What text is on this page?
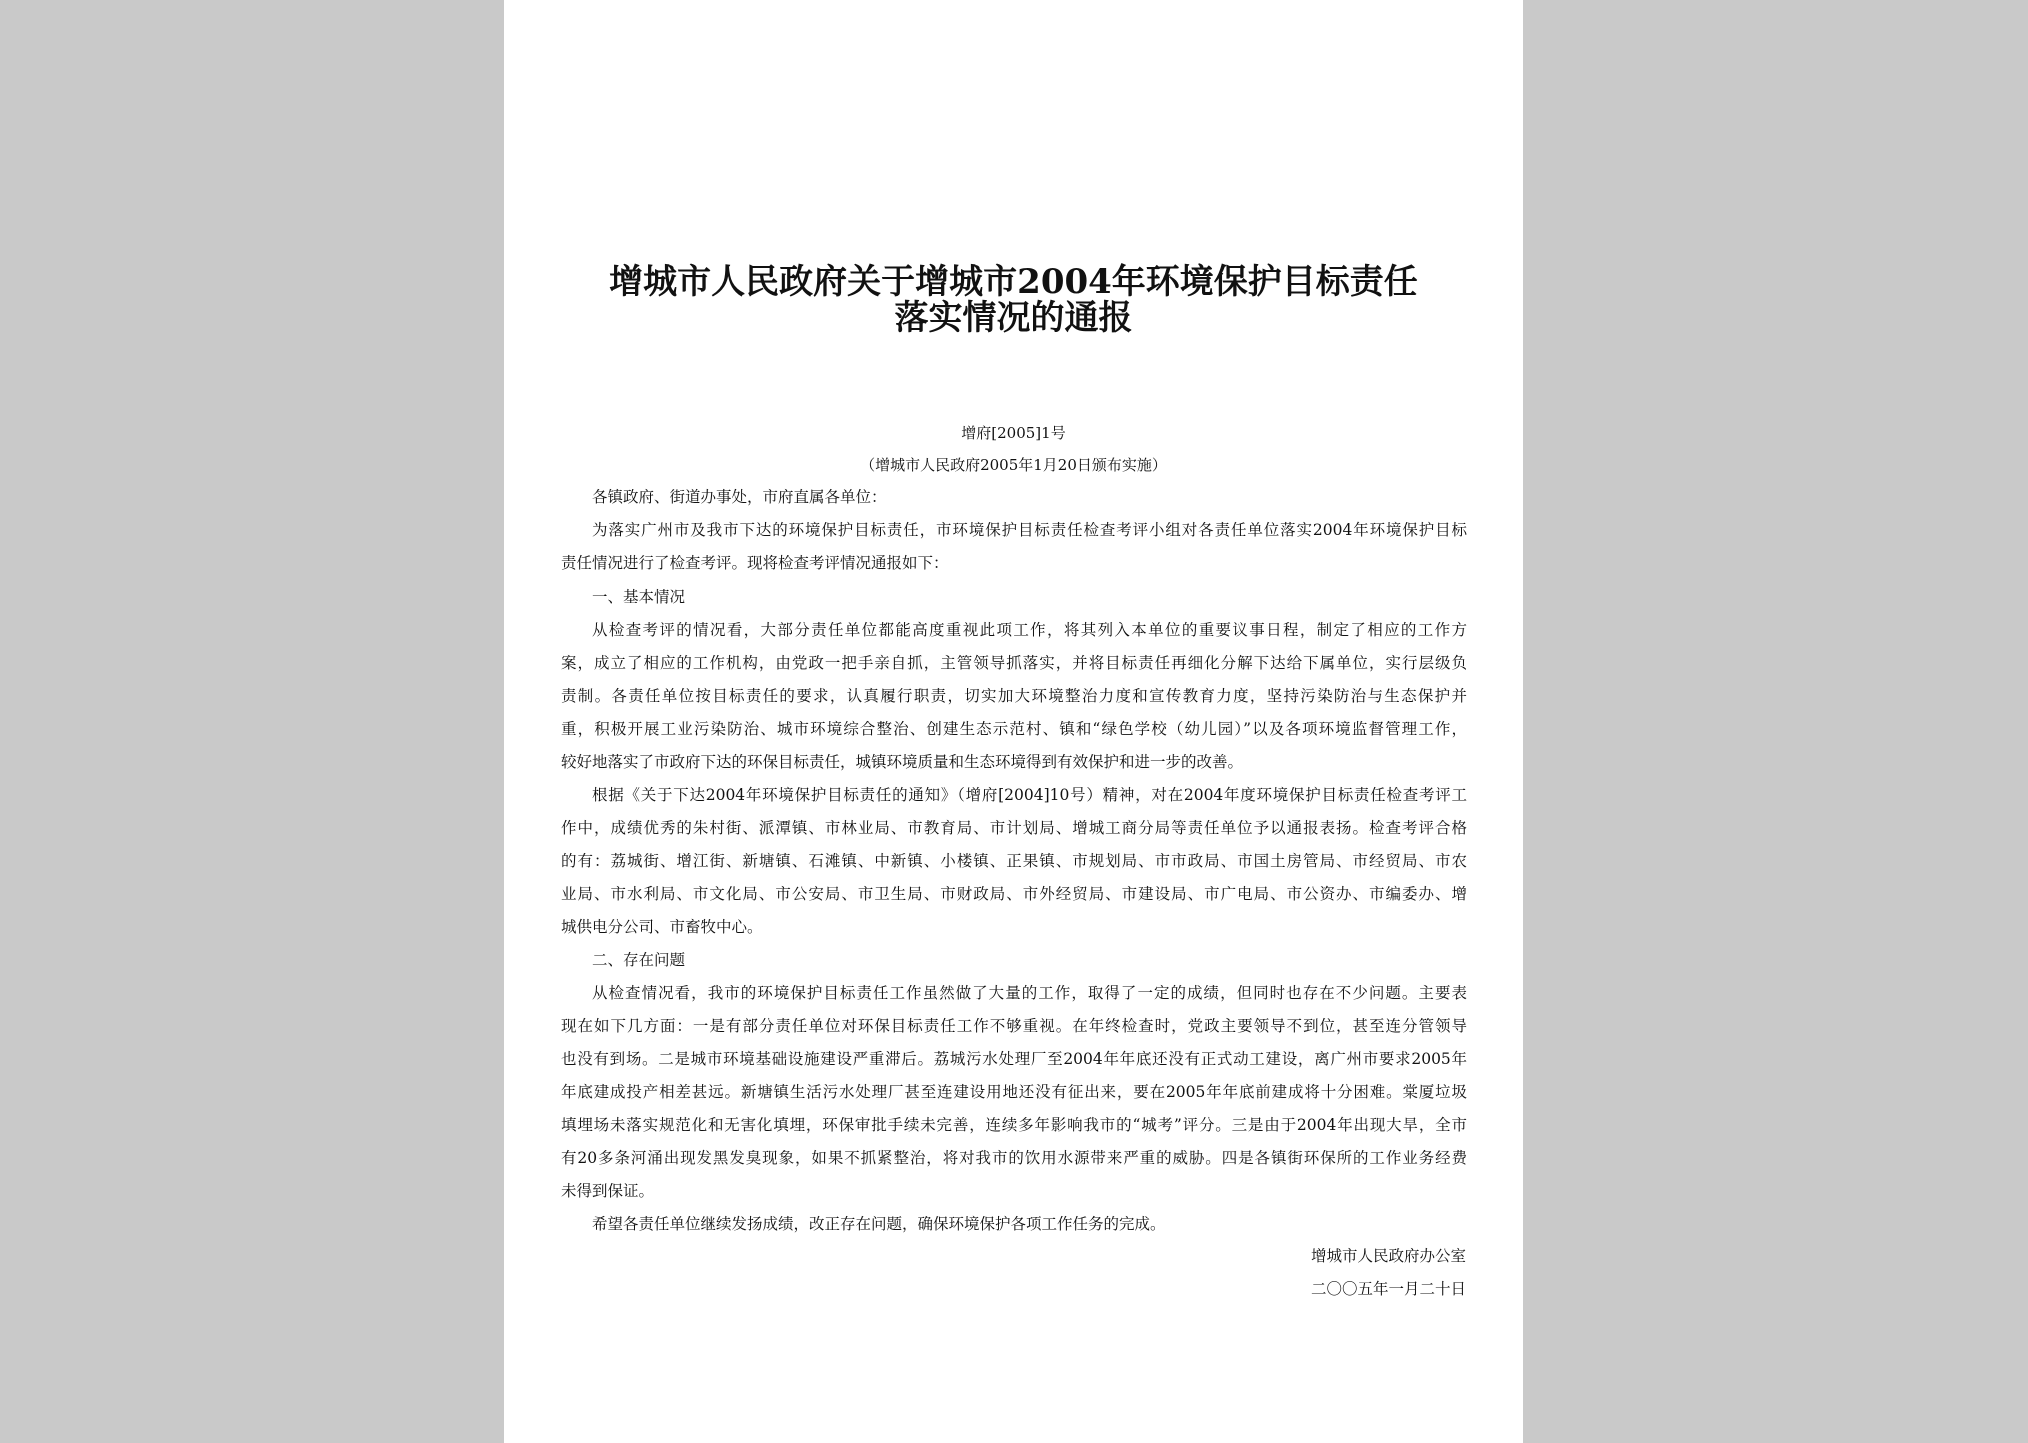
增城市人民政府关于增城市2004年环境保护目标责任
落实情况的通报
增府[2005]1号
（增城市人民政府2005年1月20日颁布实施）
各镇政府、街道办事处，市府直属各单位：
为落实广州市及我市下达的环境保护目标责任，市环境保护目标责任检查考评小组对各责任单位落实2004年环境保护目标
责任情况进行了检查考评。现将检查考评情况通报如下：
一、基本情况
从检查考评的情况看，大部分责任单位都能高度重视此项工作，将其列入本单位的重要议事日程，制定了相应的工作方
案，成立了相应的工作机构，由党政一把手亲自抓，主管领导抓落实，并将目标责任再细化分解下达给下属单位，实行层级负
责制。各责任单位按目标责任的要求，认真履行职责，切实加大环境整治力度和宣传教育力度，坚持污染防治与生态保护并
重，积极开展工业污染防治、城市环境综合整治、创建生态示范村、镇和“绿色学校（幼儿园）”以及各项环境监督管理工作，
较好地落实了市政府下达的环保目标责任，城镇环境质量和生态环境得到有效保护和进一步的改善。
根据《关于下达2004年环境保护目标责任的通知》（增府[2004]10号）精神，对在2004年度环境保护目标责任检查考评工
作中，成绩优秀的朱村街、派潭镇、市林业局、市教育局、市计划局、增城工商分局等责任单位予以通报表扬。检查考评合格
的有：荔城街、增江街、新塘镇、石滩镇、中新镇、小楼镇、正果镇、市规划局、市市政局、市国土房管局、市经贸局、市农
业局、市水利局、市文化局、市公安局、市卫生局、市财政局、市外经贸局、市建设局、市广电局、市公资办、市编委办、增
城供电分公司、市畜牧中心。
二、存在问题
从检查情况看，我市的环境保护目标责任工作虽然做了大量的工作，取得了一定的成绩，但同时也存在不少问题。主要表
现在如下几方面：一是有部分责任单位对环保目标责任工作不够重视。在年终检查时，党政主要领导不到位，甚至连分管领导
也没有到场。二是城市环境基础设施建设严重滞后。荔城污水处理厂至2004年年底还没有正式动工建设，离广州市要求2005年
年底建成投产相差甚远。新塘镇生活污水处理厂甚至连建设用地还没有征出来，要在2005年年底前建成将十分困难。棠厦垃圾
填埋场未落实规范化和无害化填埋，环保审批手续未完善，连续多年影响我市的“城考”评分。三是由于2004年出现大旱，全市
有20多条河涌出现发黑发臭现象，如果不抓紧整治，将对我市的饮用水源带来严重的威胁。四是各镇街环保所的工作业务经费
未得到保证。
希望各责任单位继续发扬成绩，改正存在问题，确保环境保护各项工作任务的完成。
增城市人民政府办公室
二〇〇五年一月二十日
